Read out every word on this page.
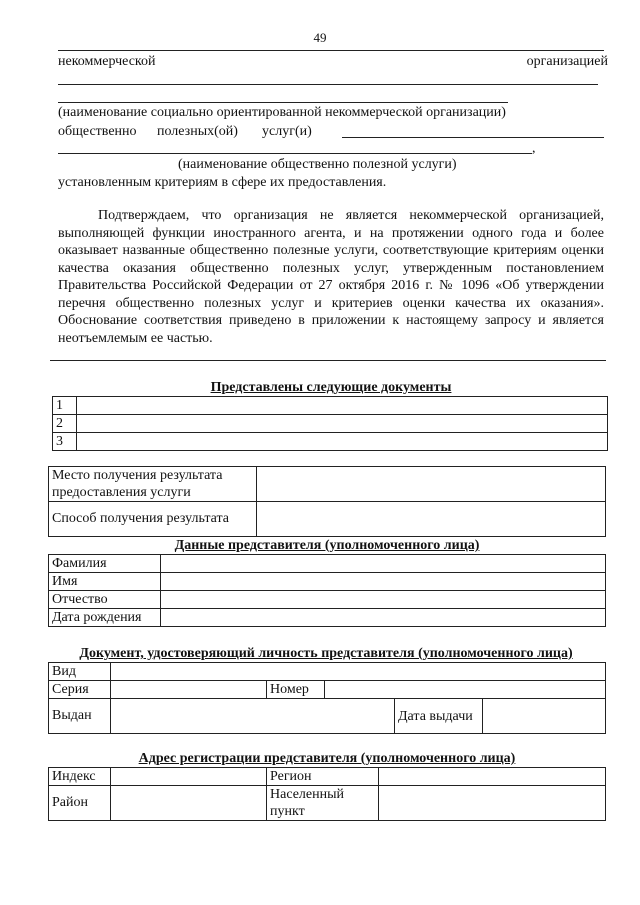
49
некоммерческой	организацией
(наименование социально ориентированной некоммерческой организации)
общественно полезных(ой) услуг(и)
,
(наименование общественно полезной услуги)
установленным критериям в сфере их предоставления.
Подтверждаем, что организация не является некоммерческой организацией, выполняющей функции иностранного агента, и на протяжении одного года и более оказывает названные общественно полезные услуги, соответствующие критериям оценки качества оказания общественно полезных услуг, утвержденным постановлением Правительства Российской Федерации от 27 октября 2016 г. № 1096 «Об утверждении перечня общественно полезных услуг и критериев оценки качества их оказания». Обоснование соответствия приведено в приложении к настоящему запросу и является неотъемлемым ее частью.
Представлены следующие документы
1	
2	
3	
Место получения результата предоставления услуги	
Способ получения результата	
Данные представителя (уполномоченного лица)
Фамилия	
Имя	
Отчество	
Дата рождения	
Документ, удостоверяющий личность представителя (уполномоченного лица)
Вид					
Серия		Номер			
Выдан				Дата выдачи	
Адрес регистрации представителя (уполномоченного лица)
Индекс		Регион	
Район		Населенный пункт	
